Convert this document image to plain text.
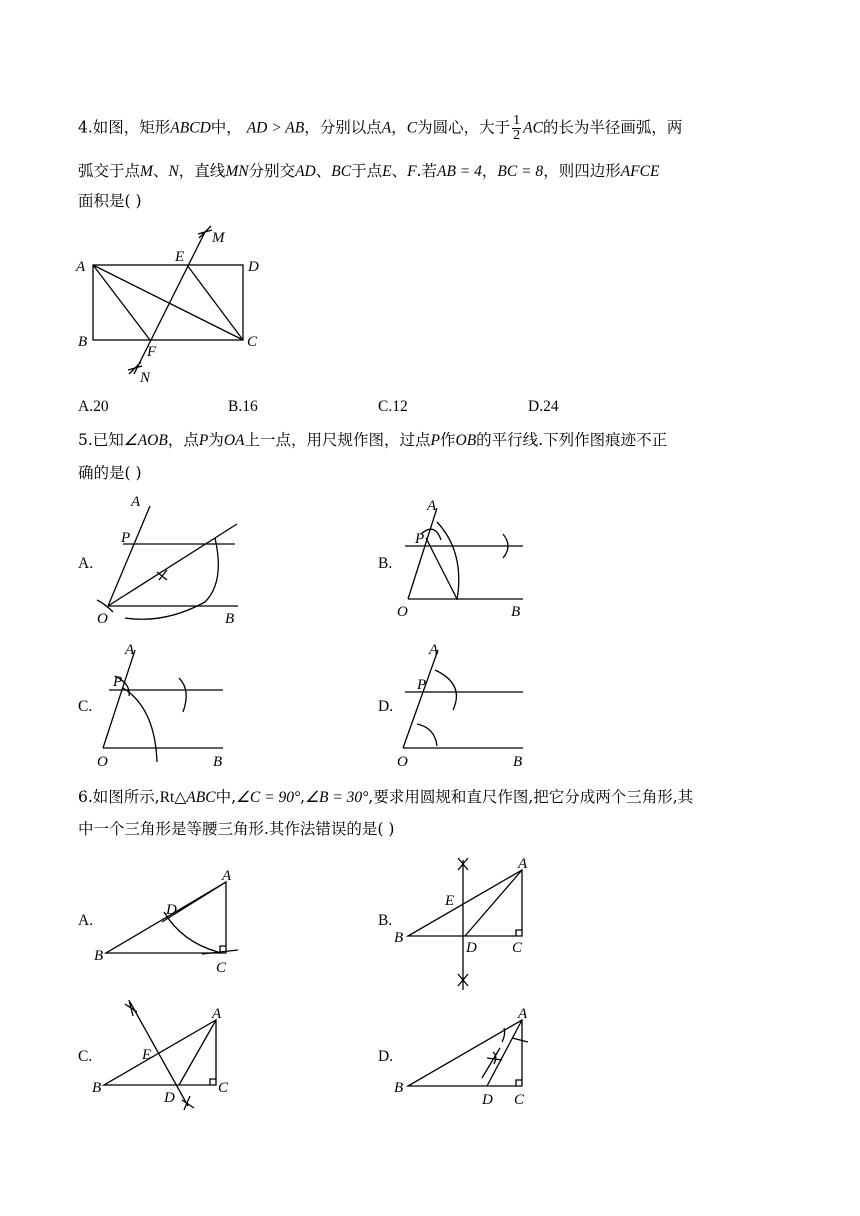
4.如图，矩形ABCD中， AD > AB，分别以点A，C为圆心，大于 $\frac{1}{2}$ AC的长为半径画弧，两
弧交于点M、N，直线MN分别交AD、BC于点E、F.若AB = 4，BC = 8，则四边形AFCE
面积是( )
A
B	C
D
E
F
M
N
A.20	B.16	C.12	D.24
5.已知∠AOB，点P为OA上一点，用尺规作图，过点P作OB的平行线.下列作图痕迹不正
确的是( )
A.	B.
C.	D.
A
P
O	B
A
P
O	B
A
P
O	B
A
P
O	B
6.如图所示,Rt△ABC中,∠C = 90°,∠B = 30°,要求用圆规和直尺作图,把它分成两个三角形,其
中一个三角形是等腰三角形.其作法错误的是( )
A.	B.
C.	D.
A
B
C
D
A
B
C
D
E
A
B	C
D
E
A
B
C
D
